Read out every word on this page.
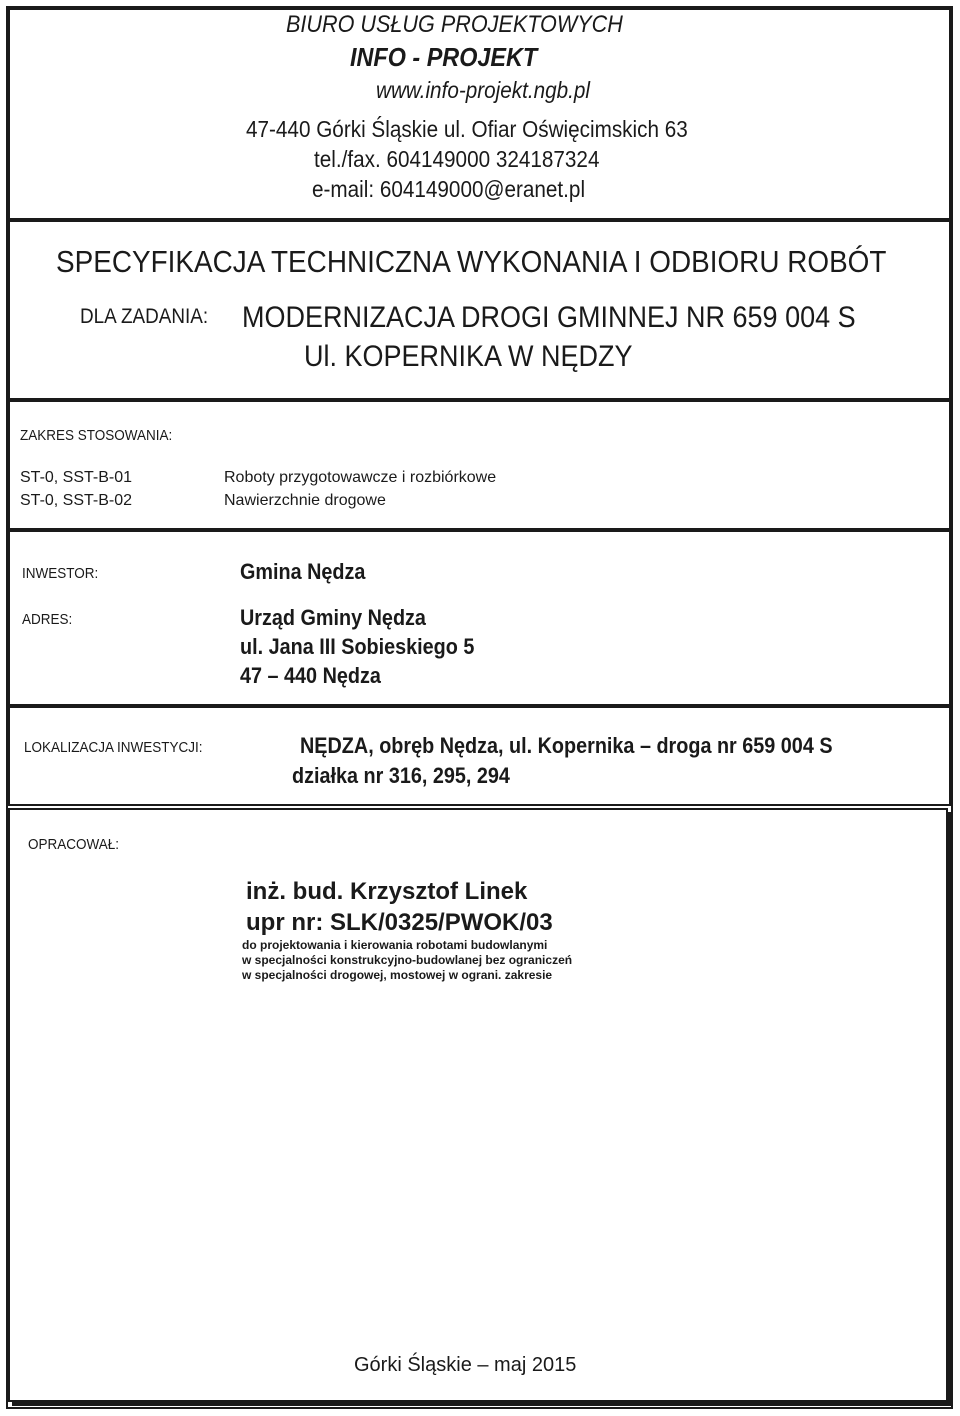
BIURO USŁUG PROJEKTOWYCH
INFO - PROJEKT
www.info-projekt.ngb.pl
47-440 Górki Śląskie ul. Ofiar Oświęcimskich 63
tel./fax. 604149000 324187324
e-mail: 604149000@eranet.pl
SPECYFIKACJA TECHNICZNA WYKONANIA I ODBIORU ROBÓT
DLA ZADANIA:	MODERNIZACJA DROGI GMINNEJ NR 659 004 S
Ul. KOPERNIKA W NĘDZY
ZAKRES STOSOWANIA:
ST-0, SST-B-01	Roboty przygotowawcze i rozbiórkowe
ST-0, SST-B-02	Nawierzchnie drogowe
INWESTOR:	Gmina Nędza
ADRES:	Urząd Gminy Nędza
ul. Jana III Sobieskiego 5
47 – 440 Nędza
LOKALIZACJA INWESTYCJI:	NĘDZA, obręb Nędza, ul. Kopernika – droga nr 659 004 S
działka nr 316, 295, 294
OPRACOWAŁ:
inż. bud. Krzysztof Linek
upr nr: SLK/0325/PWOK/03
do projektowania i kierowania robotami budowlanymi
w specjalności konstrukcyjno-budowlanej bez ograniczeń
w specjalności drogowej, mostowej w ograni. zakresie
Górki Śląskie – maj 2015
